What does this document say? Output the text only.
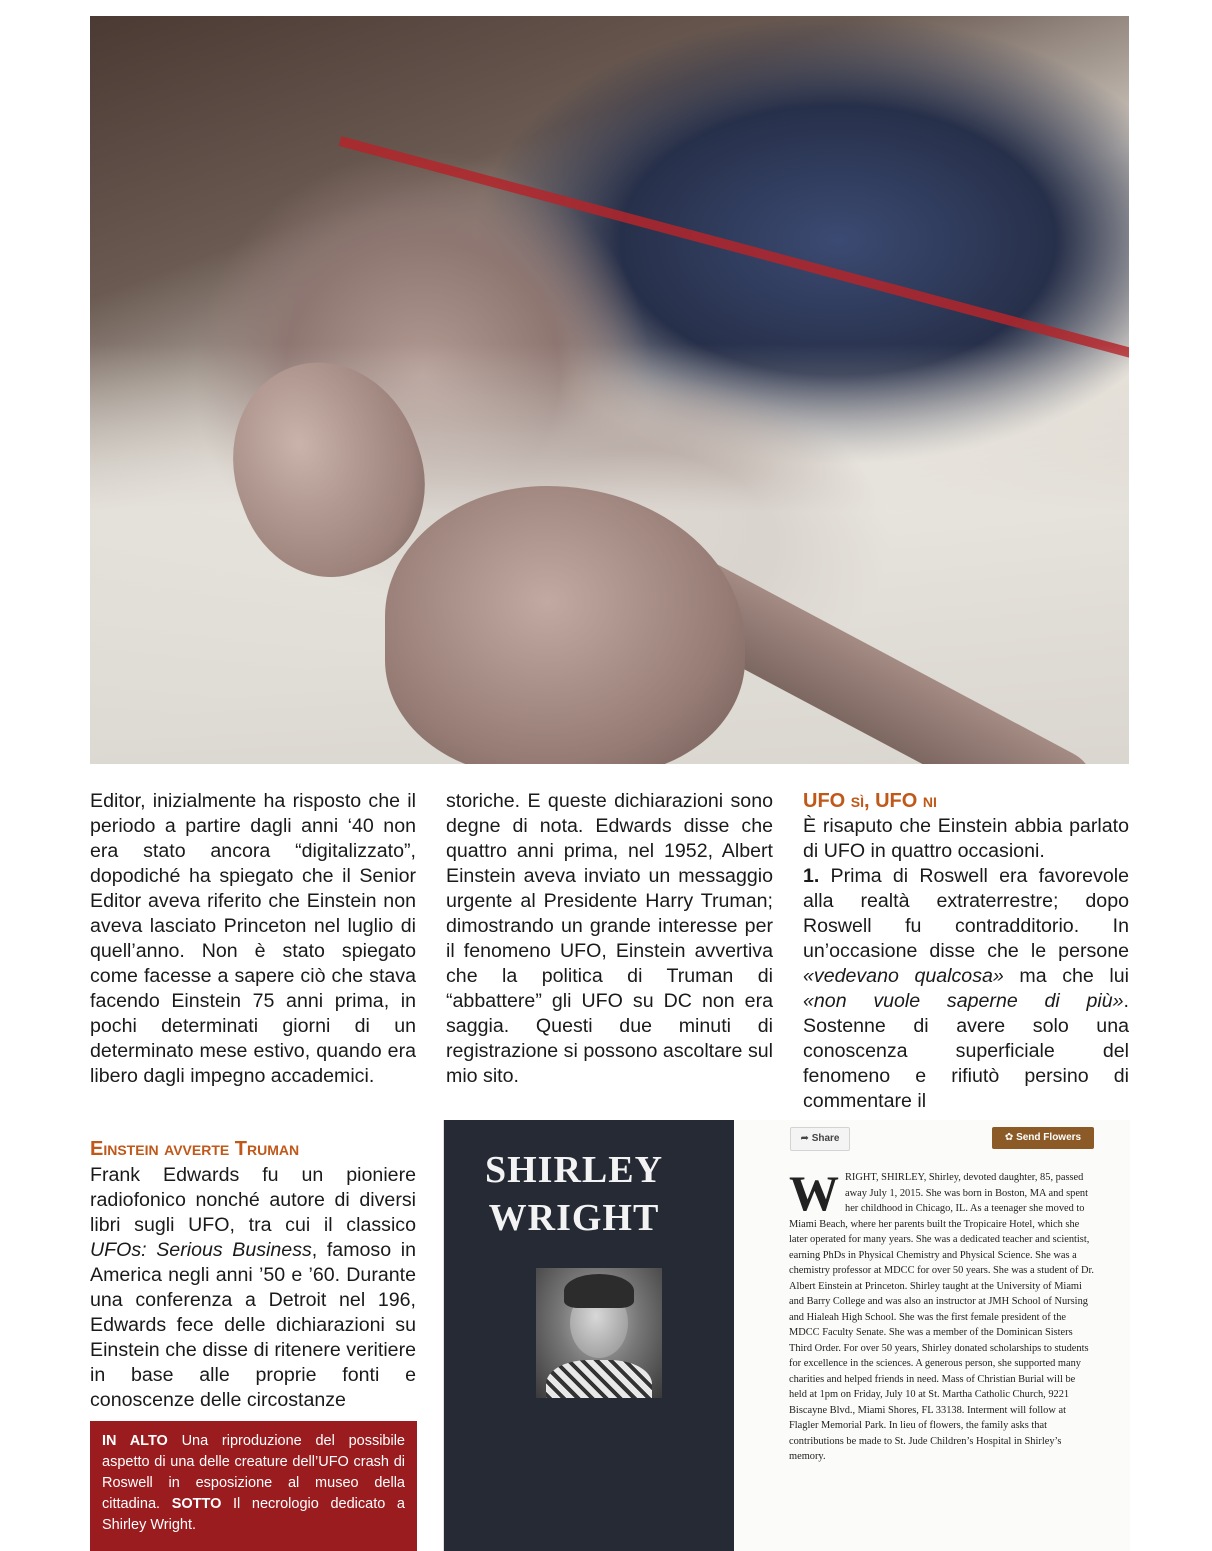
Editor, inizialmente ha risposto che il periodo a partire dagli anni ‘40 non era stato ancora “digitalizzato”, dopodiché ha spiegato che il Senior Editor aveva riferito che Einstein non aveva lasciato Princeton nel luglio di quell’anno. Non è stato spiegato come facesse a sapere ciò che stava facendo Einstein 75 anni prima, in pochi determinati giorni di un determinato mese estivo, quando era libero dagli impegno accademici.

Einstein avverte Truman

Frank Edwards fu un pioniere radiofonico nonché autore di diversi libri sugli UFO, tra cui il classico UFOs: Serious Business, famoso in America negli anni ’50 e ’60. Durante una conferenza a Detroit nel 196, Edwards fece delle dichiarazioni su Einstein che disse di ritenere veritiere in base alle proprie fonti e conoscenze delle circostanze

IN ALTO Una riproduzione del possibile aspetto di una delle creature dell’UFO crash di Roswell in esposizione al museo della cittadina. SOTTO Il necrologio dedicato a Shirley Wright.

storiche. E queste dichiarazioni sono degne di nota. Edwards disse che quattro anni prima, nel 1952, Albert Einstein aveva inviato un messaggio urgente al Presidente Harry Truman; dimostrando un grande interesse per il fenomeno UFO, Einstein avvertiva che la politica di Truman di “abbattere” gli UFO su DC non era saggia. Questi due minuti di registrazione si possono ascoltare sul mio sito.

UFO sì, UFO ni

È risaputo che Einstein abbia parlato di UFO in quattro occasioni.

1. Prima di Roswell era favorevole alla realtà extraterrestre; dopo Roswell fu contradditorio. In un’occasione disse che le persone «vedevano qualcosa» ma che lui «non vuole saperne di più». Sostenne di avere solo una conoscenza superficiale del fenomeno e rifiutò persino di commentare il

SHIRLEY
WRIGHT
➦ Share	✿ Send Flowers
WRIGHT, SHIRLEY, Shirley, devoted daughter, 85, passed away July 1, 2015. She was born in Boston, MA and spent her childhood in Chicago, IL. As a teenager she moved to Miami Beach, where her parents built the Tropicaire Hotel, which she later operated for many years. She was a dedicated teacher and scientist, earning PhDs in Physical Chemistry and Physical Science. She was a chemistry professor at MDCC for over 50 years. She was a student of Dr. Albert Einstein at Princeton. Shirley taught at the University of Miami and Barry College and was also an instructor at JMH School of Nursing and Hialeah High School. She was the first female president of the MDCC Faculty Senate. She was a member of the Dominican Sisters Third Order. For over 50 years, Shirley donated scholarships to students for excellence in the sciences. A generous person, she supported many charities and helped friends in need. Mass of Christian Burial will be held at 1pm on Friday, July 10 at St. Martha Catholic Church, 9221 Biscayne Blvd., Miami Shores, FL 33138. Interment will follow at Flagler Memorial Park. In lieu of flowers, the family asks that contributions be made to St. Jude Children’s Hospital in Shirley’s memory.
